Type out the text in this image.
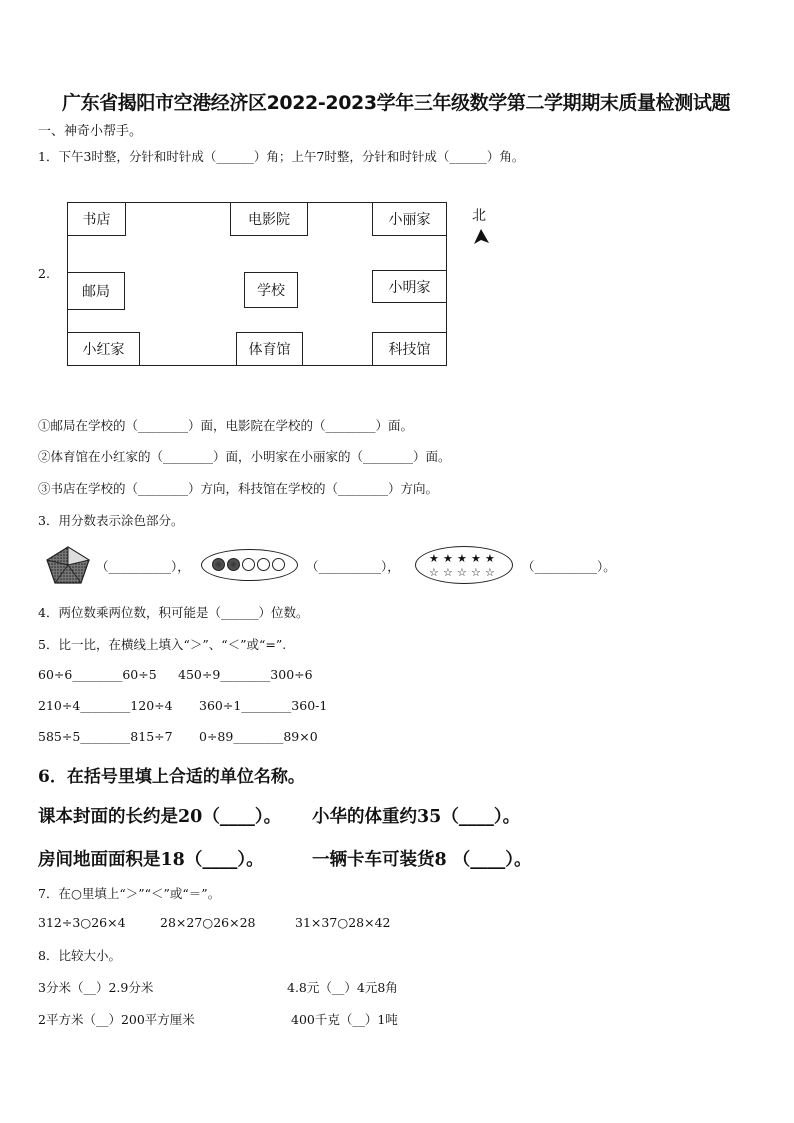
广东省揭阳市空港经济区2022-2023学年三年级数学第二学期期末质量检测试题
一、神奇小帮手。
1．下午3时整，分针和时针成（______）角；上午7时整，分针和时针成（______）角。
2.
书店	电影院	小丽家
邮局	学校	小明家
小红家	体育馆	科技馆
北
①邮局在学校的（________）面，电影院在学校的（________）面。
②体育馆在小红家的（________）面，小明家在小丽家的（________）面。
③书店在学校的（________）方向，科技馆在学校的（________）方向。
3．用分数表示涂色部分。
（__________），	（__________），
★ ★ ★ ★ ★
☆ ☆ ☆ ☆ ☆ （__________）。
4．两位数乘两位数，积可能是（______）位数。
5．比一比，在横线上填入“＞”、“＜”或“=”.
60÷6________60÷5 450÷9________300÷6
210÷4________120÷4 360÷1________360-1
585÷5________815÷7 0÷89________89×0
6．在括号里填上合适的单位名称。
课本封面的长约是20（____）。 小华的体重约35（____）。
房间地面面积是18（____）。	一辆卡车可装货8 （____）。
7．在○里填上“＞”“＜”或“＝”。
312÷3○26×4	28×27○26×28	31×37○28×42
8．比较大小。
3分米（__）2.9分米	4.8元（__）4元8角
2平方米（__）200平方厘米	400千克（__）1吨
